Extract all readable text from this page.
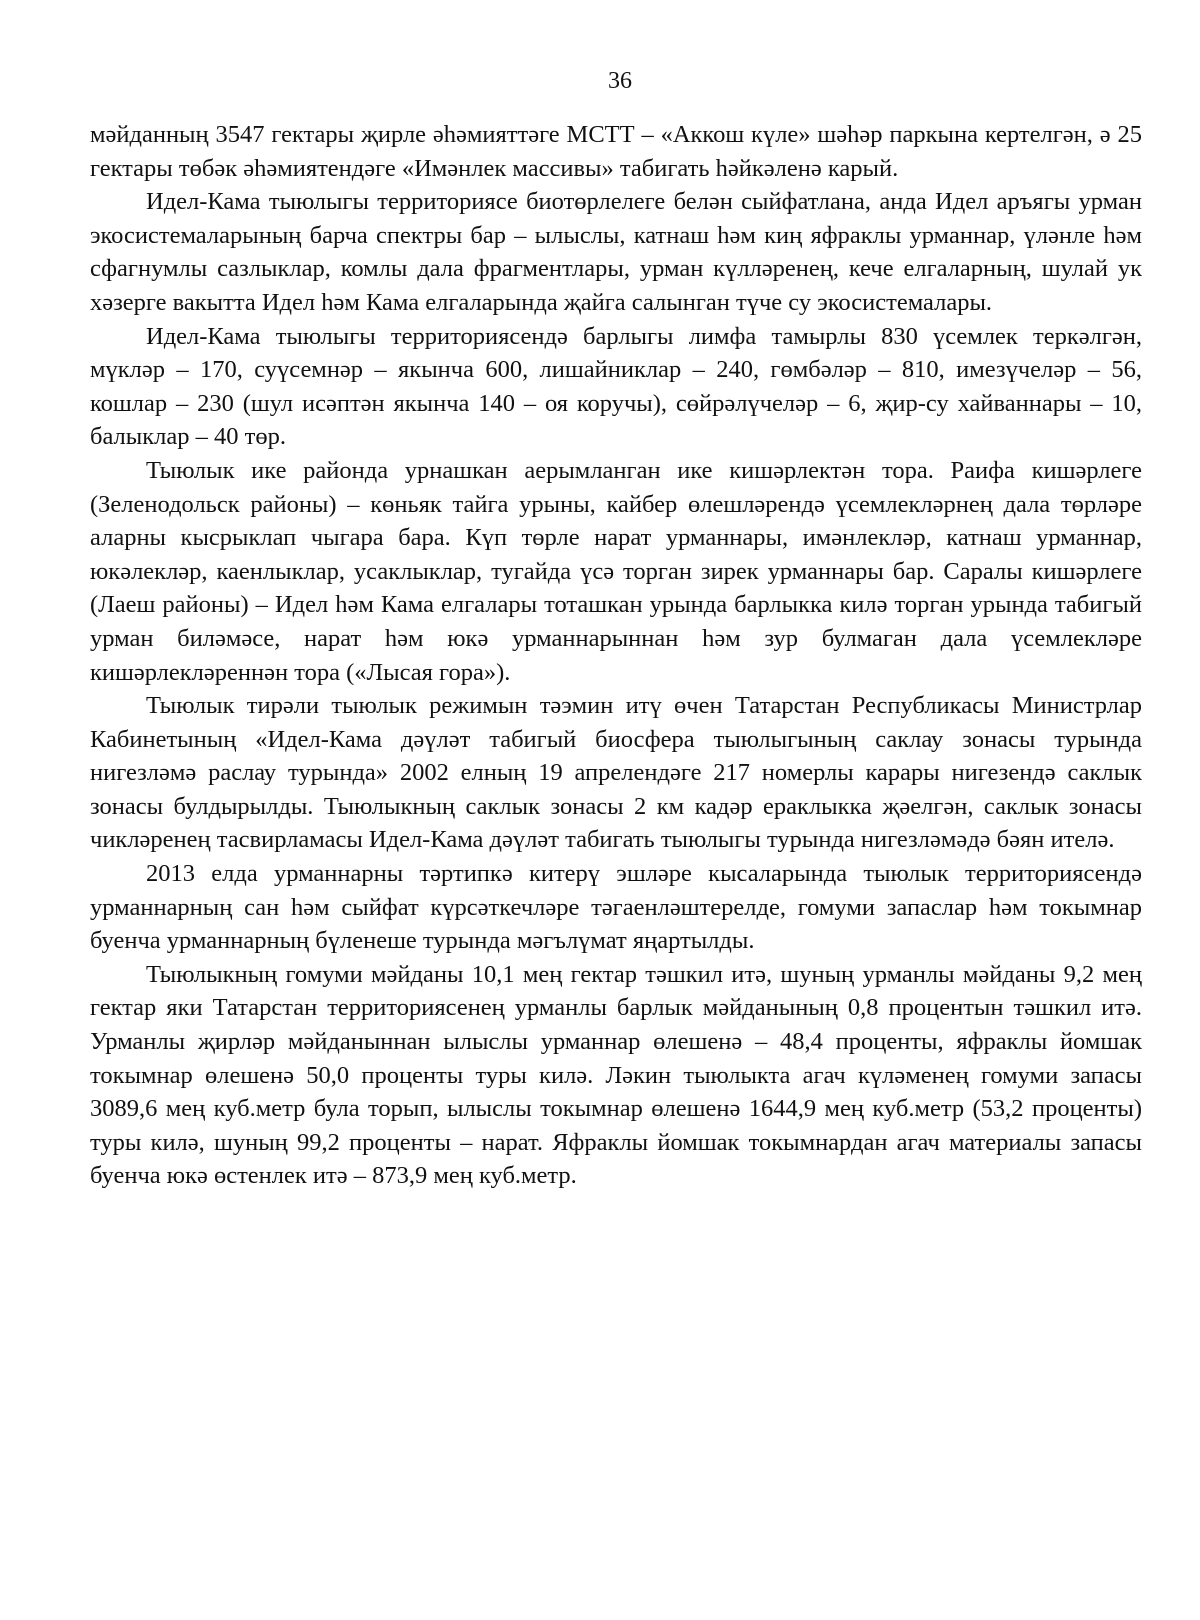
36

мәйданның 3547 гектары җирле әһәмияттәге МСТТ – «Аккош күле» шәһәр паркына кертелгән, ә 25 гектары төбәк әһәмиятендәге «Имәнлек массивы» табигать һәйкәленә карый.

Идел-Кама тыюлыгы территориясе биотөрлелеге белән сыйфатлана, анда Идел аръягы урман экосистемаларының барча спектры бар – ылыслы, катнаш һәм киң яфраклы урманнар, үләнле һәм сфагнумлы сазлыклар, комлы дала фрагментлары, урман күлләренең, кече елгаларның, шулай ук хәзерге вакытта Идел һәм Кама елгаларында җайга салынган түче су экосистемалары.

Идел-Кама тыюлыгы территориясендә барлыгы лимфа тамырлы 830 үсемлек теркәлгән, мүкләр – 170, суүсемнәр – якынча 600, лишайниклар – 240, гөмбәләр – 810, имезүчеләр – 56, кошлар – 230 (шул исәптән якынча 140 – оя коручы), сөйрәлүчеләр – 6, җир-су хайваннары – 10, балыклар – 40 төр.

Тыюлык ике районда урнашкан аерымланган ике кишәрлектән тора. Раифа кишәрлеге (Зеленодольск районы) – көньяк тайга урыны, кайбер өлешләрендә үсемлекләрнең дала төрләре аларны кысрыклап чыгара бара. Күп төрле нарат урманнары, имәнлекләр, катнаш урманнар, юкәлекләр, каенлыклар, усаклыклар, тугайда үсә торган зирек урманнары бар. Саралы кишәрлеге (Лаеш районы) – Идел һәм Кама елгалары тоташкан урында барлыкка килә торган урында табигый урман биләмәсе, нарат һәм юкә урманнарыннан һәм зур булмаган дала үсемлекләре кишәрлекләреннән тора («Лысая гора»).

Тыюлык тирәли тыюлык режимын тәэмин итү өчен Татарстан Республикасы Министрлар Кабинетының «Идел-Кама дәүләт табигый биосфера тыюлыгының саклау зонасы турында нигезләмә раслау турында» 2002 елның 19 апрелендәге 217 номерлы карары нигезендә саклык зонасы булдырылды. Тыюлыкның саклык зонасы 2 км кадәр ераклыкка җәелгән, саклык зонасы чикләренең тасвирламасы Идел-Кама дәүләт табигать тыюлыгы турында нигезләмәдә бәян ителә.

2013 елда урманнарны тәртипкә китерү эшләре кысаларында тыюлык территориясендә урманнарның сан һәм сыйфат күрсәткечләре тәгаенләштерелде, гомуми запаслар һәм токымнар буенча урманнарның бүленеше турында мәгълүмат яңартылды.

Тыюлыкның гомуми мәйданы 10,1 мең гектар тәшкил итә, шуның урманлы мәйданы 9,2 мең гектар яки Татарстан территориясенең урманлы барлык мәйданының 0,8 процентын тәшкил итә. Урманлы җирләр мәйданыннан ылыслы урманнар өлешенә – 48,4 проценты, яфраклы йомшак токымнар өлешенә 50,0 проценты туры килә. Ләкин тыюлыкта агач күләменең гомуми запасы 3089,6 мең куб.метр була торып, ылыслы токымнар өлешенә 1644,9 мең куб.метр (53,2 проценты) туры килә, шуның 99,2 проценты – нарат. Яфраклы йомшак токымнардан агач материалы запасы буенча юкә өстенлек итә – 873,9 мең куб.метр.
